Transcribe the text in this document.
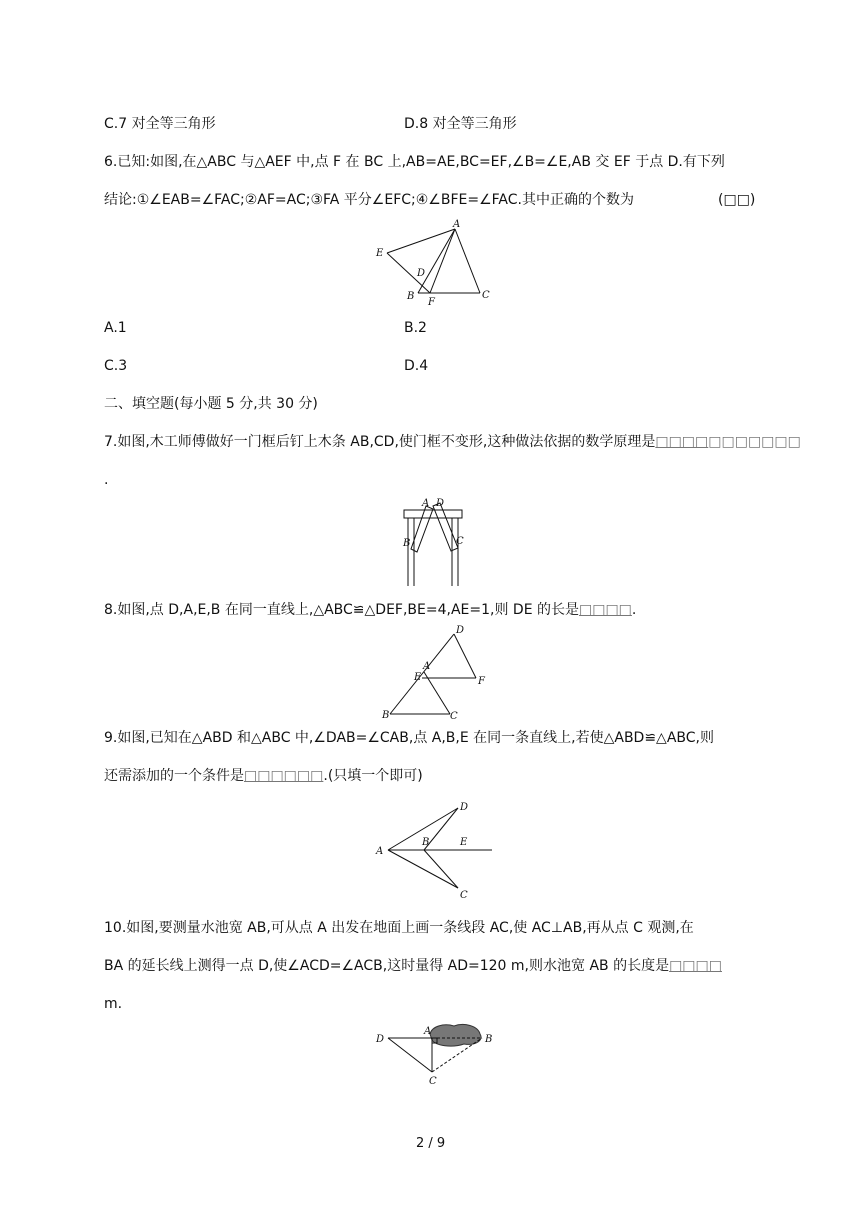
C.7 对全等三角形	D.8 对全等三角形
6.已知:如图,在△ABC 与△AEF 中,点 F 在 BC 上,AB=AE,BC=EF,∠B=∠E,AB 交 EF 于点 D.有下列
结论:①∠EAB=∠FAC;②AF=AC;③FA 平分∠EFC;④∠BFE=∠FAC.其中正确的个数为	(□□)
A
E
D
B
F
C
A.1	B.2
C.3	D.4
二、填空题(每小题 5 分,共 30 分)
7.如图,木工师傅做好一门框后钉上木条 AB,CD,使门框不变形,这种做法依据的数学原理是□□□□□□□□□□□
.
A D
B	C
8.如图,点 D,A,E,B 在同一直线上,△ABC≌△DEF,BE=4,AE=1,则 DE 的长是□□□□.
D
A
E	F
B	C
9.如图,已知在△ABD 和△ABC 中,∠DAB=∠CAB,点 A,B,E 在同一条直线上,若使△ABD≌△ABC,则
还需添加的一个条件是□□□□□□.(只填一个即可)
A
B
D
E
C
10.如图,要测量水池宽 AB,可从点 A 出发在地面上画一条线段 AC,使 AC⊥AB,再从点 C 观测,在
BA 的延长线上测得一点 D,使∠ACD=∠ACB,这时量得 AD=120 m,则水池宽 AB 的长度是□□□□
m.
D
A
B
C
2 / 9
